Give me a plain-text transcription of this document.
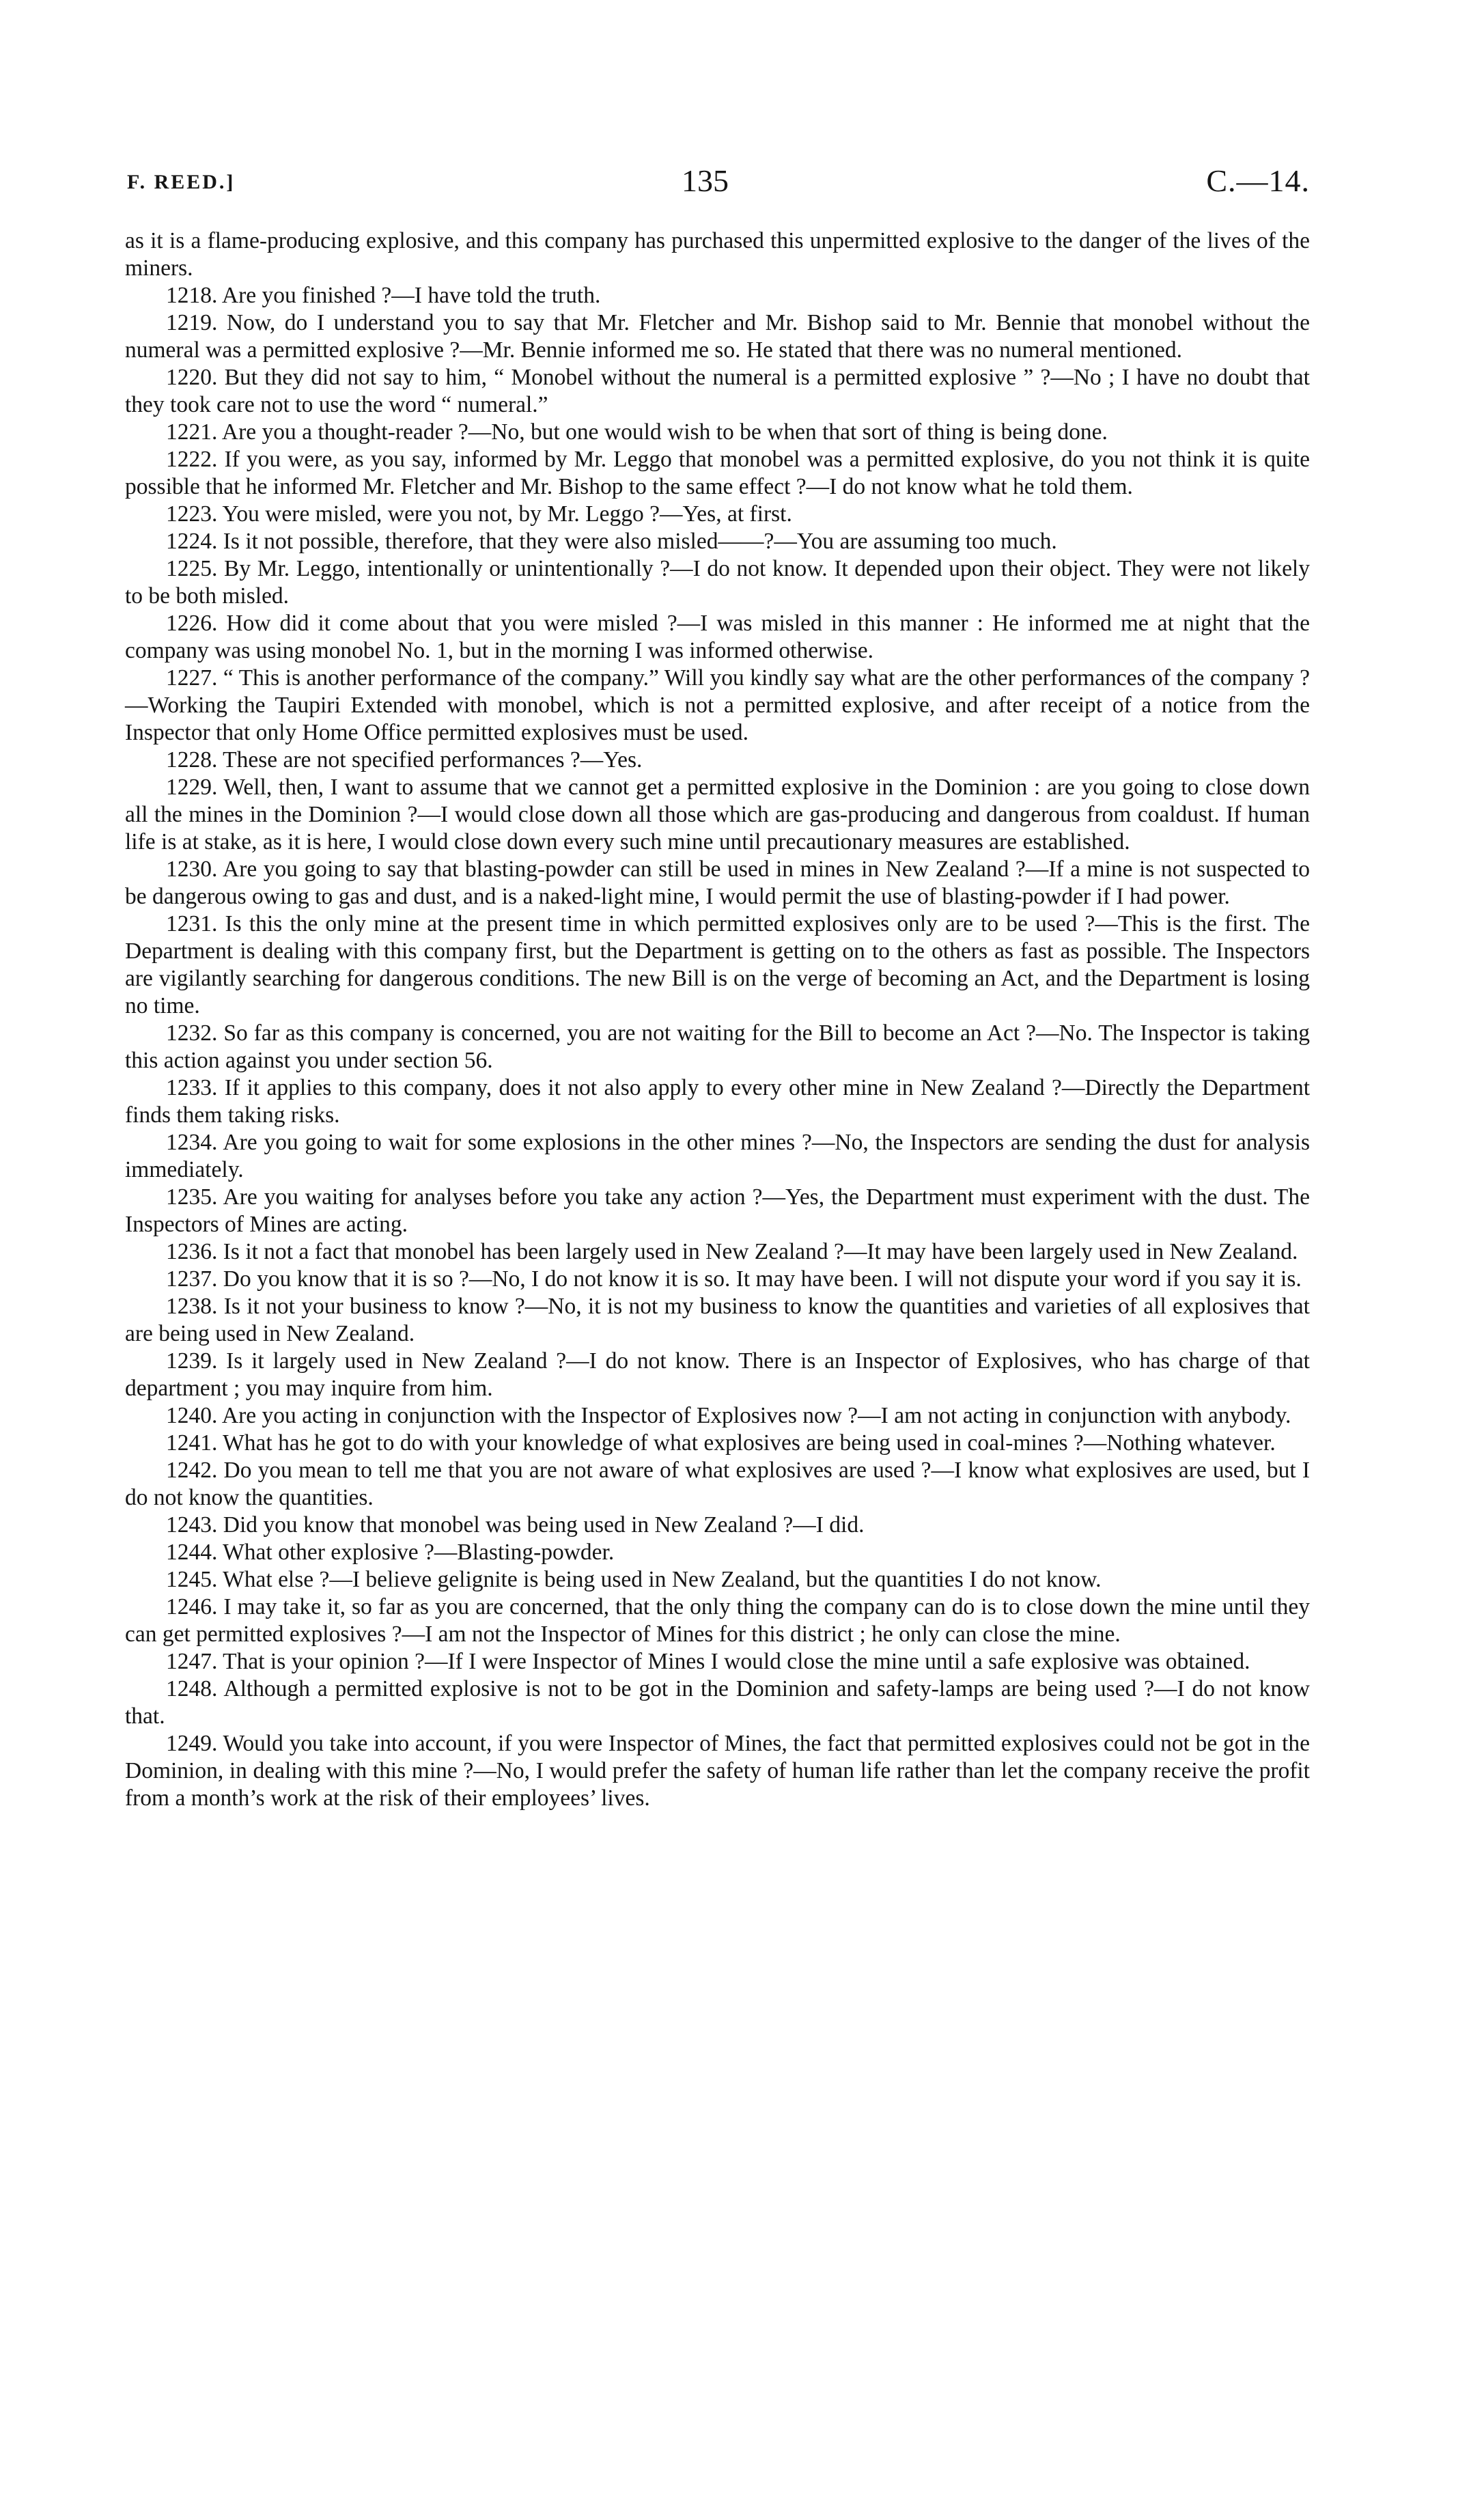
F. REED.]	135	C.—14.

as it is a flame-producing explosive, and this company has purchased this unpermitted explosive to the danger of the lives of the miners.

1218. Are you finished ?—I have told the truth.

1219. Now, do I understand you to say that Mr. Fletcher and Mr. Bishop said to Mr. Bennie that monobel without the numeral was a permitted explosive ?—Mr. Bennie informed me so. He stated that there was no numeral mentioned.

1220. But they did not say to him, “ Monobel without the numeral is a permitted explosive ” ?—No ; I have no doubt that they took care not to use the word “ numeral.”

1221. Are you a thought-reader ?—No, but one would wish to be when that sort of thing is being done.

1222. If you were, as you say, informed by Mr. Leggo that monobel was a permitted explosive, do you not think it is quite possible that he informed Mr. Fletcher and Mr. Bishop to the same effect ?—I do not know what he told them.

1223. You were misled, were you not, by Mr. Leggo ?—Yes, at first.

1224. Is it not possible, therefore, that they were also misled——?—You are assuming too much.

1225. By Mr. Leggo, intentionally or unintentionally ?—I do not know. It depended upon their object. They were not likely to be both misled.

1226. How did it come about that you were misled ?—I was misled in this manner : He informed me at night that the company was using monobel No. 1, but in the morning I was informed otherwise.

1227. “ This is another performance of the company.” Will you kindly say what are the other performances of the company ?—Working the Taupiri Extended with monobel, which is not a permitted explosive, and after receipt of a notice from the Inspector that only Home Office permitted explosives must be used.

1228. These are not specified performances ?—Yes.

1229. Well, then, I want to assume that we cannot get a permitted explosive in the Dominion : are you going to close down all the mines in the Dominion ?—I would close down all those which are gas-producing and dangerous from coaldust. If human life is at stake, as it is here, I would close down every such mine until precautionary measures are established.

1230. Are you going to say that blasting-powder can still be used in mines in New Zealand ?—If a mine is not suspected to be dangerous owing to gas and dust, and is a naked-light mine, I would permit the use of blasting-powder if I had power.

1231. Is this the only mine at the present time in which permitted explosives only are to be used ?—This is the first. The Department is dealing with this company first, but the Department is getting on to the others as fast as possible. The Inspectors are vigilantly searching for dangerous conditions. The new Bill is on the verge of becoming an Act, and the Department is losing no time.

1232. So far as this company is concerned, you are not waiting for the Bill to become an Act ?—No. The Inspector is taking this action against you under section 56.

1233. If it applies to this company, does it not also apply to every other mine in New Zealand ?—Directly the Department finds them taking risks.

1234. Are you going to wait for some explosions in the other mines ?—No, the Inspectors are sending the dust for analysis immediately.

1235. Are you waiting for analyses before you take any action ?—Yes, the Department must experiment with the dust. The Inspectors of Mines are acting.

1236. Is it not a fact that monobel has been largely used in New Zealand ?—It may have been largely used in New Zealand.

1237. Do you know that it is so ?—No, I do not know it is so. It may have been. I will not dispute your word if you say it is.

1238. Is it not your business to know ?—No, it is not my business to know the quantities and varieties of all explosives that are being used in New Zealand.

1239. Is it largely used in New Zealand ?—I do not know. There is an Inspector of Explosives, who has charge of that department ; you may inquire from him.

1240. Are you acting in conjunction with the Inspector of Explosives now ?—I am not acting in conjunction with anybody.

1241. What has he got to do with your knowledge of what explosives are being used in coal-mines ?—Nothing whatever.

1242. Do you mean to tell me that you are not aware of what explosives are used ?—I know what explosives are used, but I do not know the quantities.

1243. Did you know that monobel was being used in New Zealand ?—I did.

1244. What other explosive ?—Blasting-powder.

1245. What else ?—I believe gelignite is being used in New Zealand, but the quantities I do not know.

1246. I may take it, so far as you are concerned, that the only thing the company can do is to close down the mine until they can get permitted explosives ?—I am not the Inspector of Mines for this district ; he only can close the mine.

1247. That is your opinion ?—If I were Inspector of Mines I would close the mine until a safe explosive was obtained.

1248. Although a permitted explosive is not to be got in the Dominion and safety-lamps are being used ?—I do not know that.

1249. Would you take into account, if you were Inspector of Mines, the fact that permitted explosives could not be got in the Dominion, in dealing with this mine ?—No, I would prefer the safety of human life rather than let the company receive the profit from a month’s work at the risk of their employees’ lives.
